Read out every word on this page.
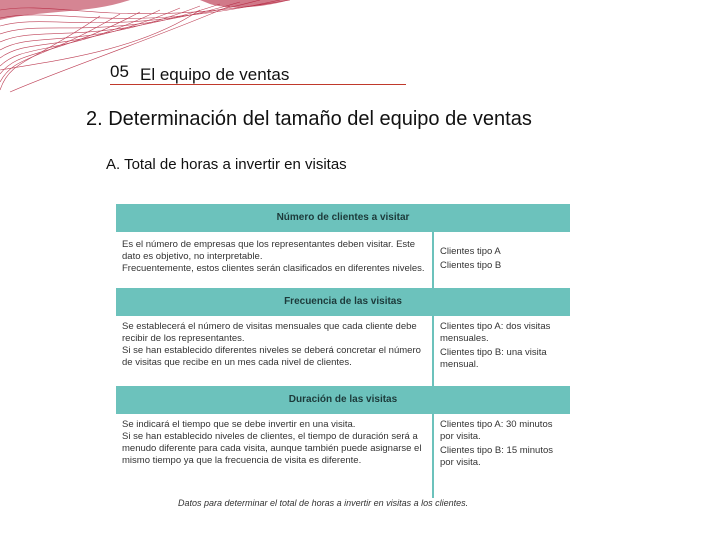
05 El equipo de ventas
2. Determinación del tamaño del equipo de ventas
A. Total de horas a invertir en visitas
Número de clientes a visitar

Es el número de empresas que los representantes deben visitar. Este dato es objetivo, no interpretable.

Frecuentemente, estos clientes serán clasificados en diferentes niveles.

Clientes tipo A

Clientes tipo B

Frecuencia de las visitas

Se establecerá el número de visitas mensuales que cada cliente debe recibir de los representantes.

Si se han establecido diferentes niveles se deberá concretar el número de visitas que recibe en un mes cada nivel de clientes.

Clientes tipo A: dos visitas mensuales.

Clientes tipo B: una visita mensual.

Duración de las visitas

Se indicará el tiempo que se debe invertir en una visita.

Si se han establecido niveles de clientes, el tiempo de duración será a menudo diferente para cada visita, aunque también puede asignarse el mismo tiempo ya que la frecuencia de visita es diferente.

Clientes tipo A: 30 minutos por visita.

Clientes tipo B: 15 minutos por visita.

Datos para determinar el total de horas a invertir en visitas a los clientes.
